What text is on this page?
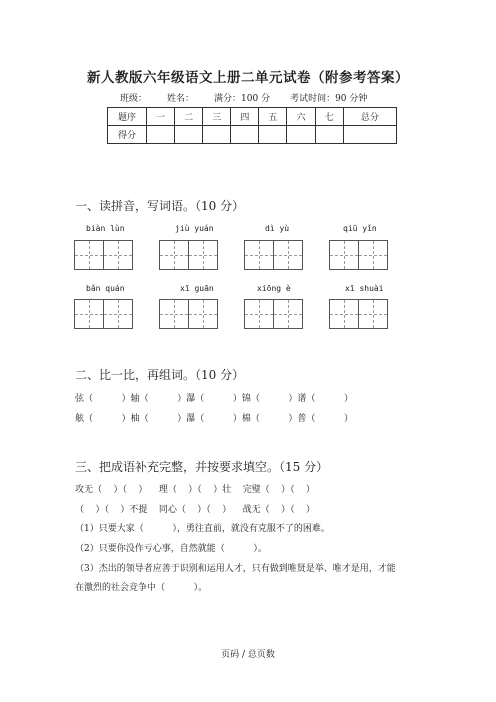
新人教版六年级语文上册二单元试卷（附参考答案）
班级： 姓名： 满分：100 分 考试时间：90 分钟
题序	一	二	三	四	五	六	七	总分
得分								
一、读拼音，写词语。（10 分）
biàn lùn	jiù yuán	dì yù	qiū yǐn
bǎn quán	xī guān	xiōng è	xī shuài
二、比一比，再组词。（10 分）
弦（          ）轴（          ）瀑（          ）锦（          ）谱（          ）
舷（          ）柚（          ）瀑（          ）棉（          ）普（          ）
三、把成语补充完整，并按要求填空。（15 分）
攻无（    ）（    ）    理（    ）（    ）壮    完璧（    ）（    ）
（    ）（    ）不提    同心（    ）（    ）    战无（    ）（    ）
（1）只要大家（          ），勇往直前，就没有克服不了的困难。
（2）只要你没作亏心事，自然就能（          ）。
（3）杰出的领导者应善于识别和运用人才，只有做到唯贤是举、唯才是用，才能
在激烈的社会竞争中（          ）。
页码 / 总页数
